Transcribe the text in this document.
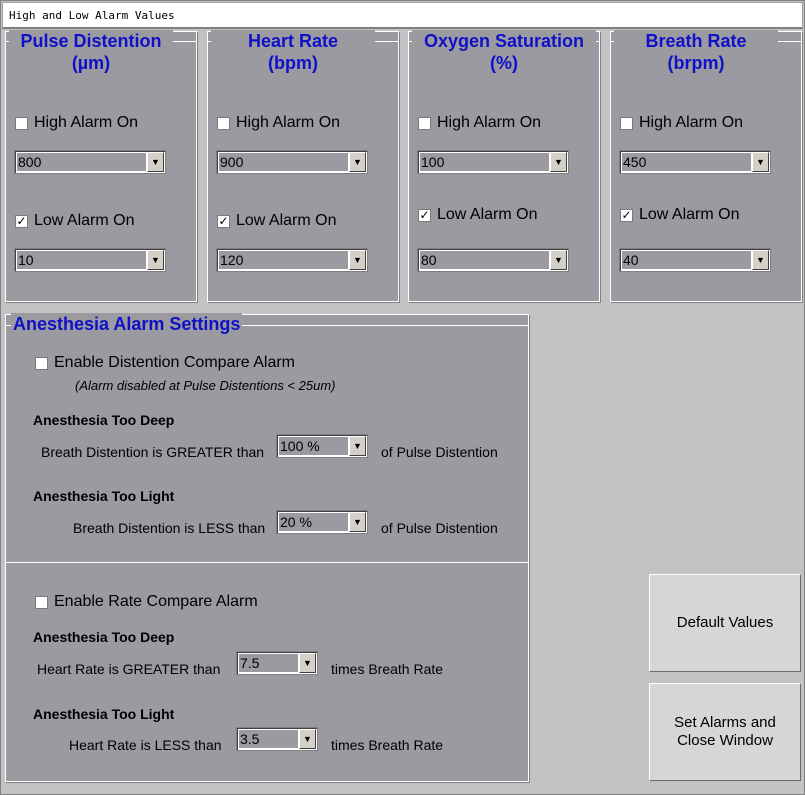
High and Low Alarm Values
Pulse Distention
(µm)
High Alarm On
800	▼
✓ Low Alarm On
10	▼
Heart Rate
(bpm)
High Alarm On
900	▼
✓ Low Alarm On
120	▼
Oxygen Saturation
(%)
High Alarm On
100	▼
✓ Low Alarm On
80	▼
Breath Rate
(brpm)
High Alarm On
450	▼
✓ Low Alarm On
40	▼
Anesthesia Alarm Settings
Enable Distention Compare Alarm
(Alarm disabled at Pulse Distentions < 25um)
Anesthesia Too Deep
Breath Distention is GREATER than 100 %	▼ of Pulse Distention
Anesthesia Too Light
Breath Distention is LESS than 20 %	▼ of Pulse Distention
Enable Rate Compare Alarm
Anesthesia Too Deep
Heart Rate is GREATER than 7.5	▼ times Breath Rate
Anesthesia Too Light
Heart Rate is LESS than 3.5	▼ times Breath Rate
Default Values
Set Alarms and
Close Window
